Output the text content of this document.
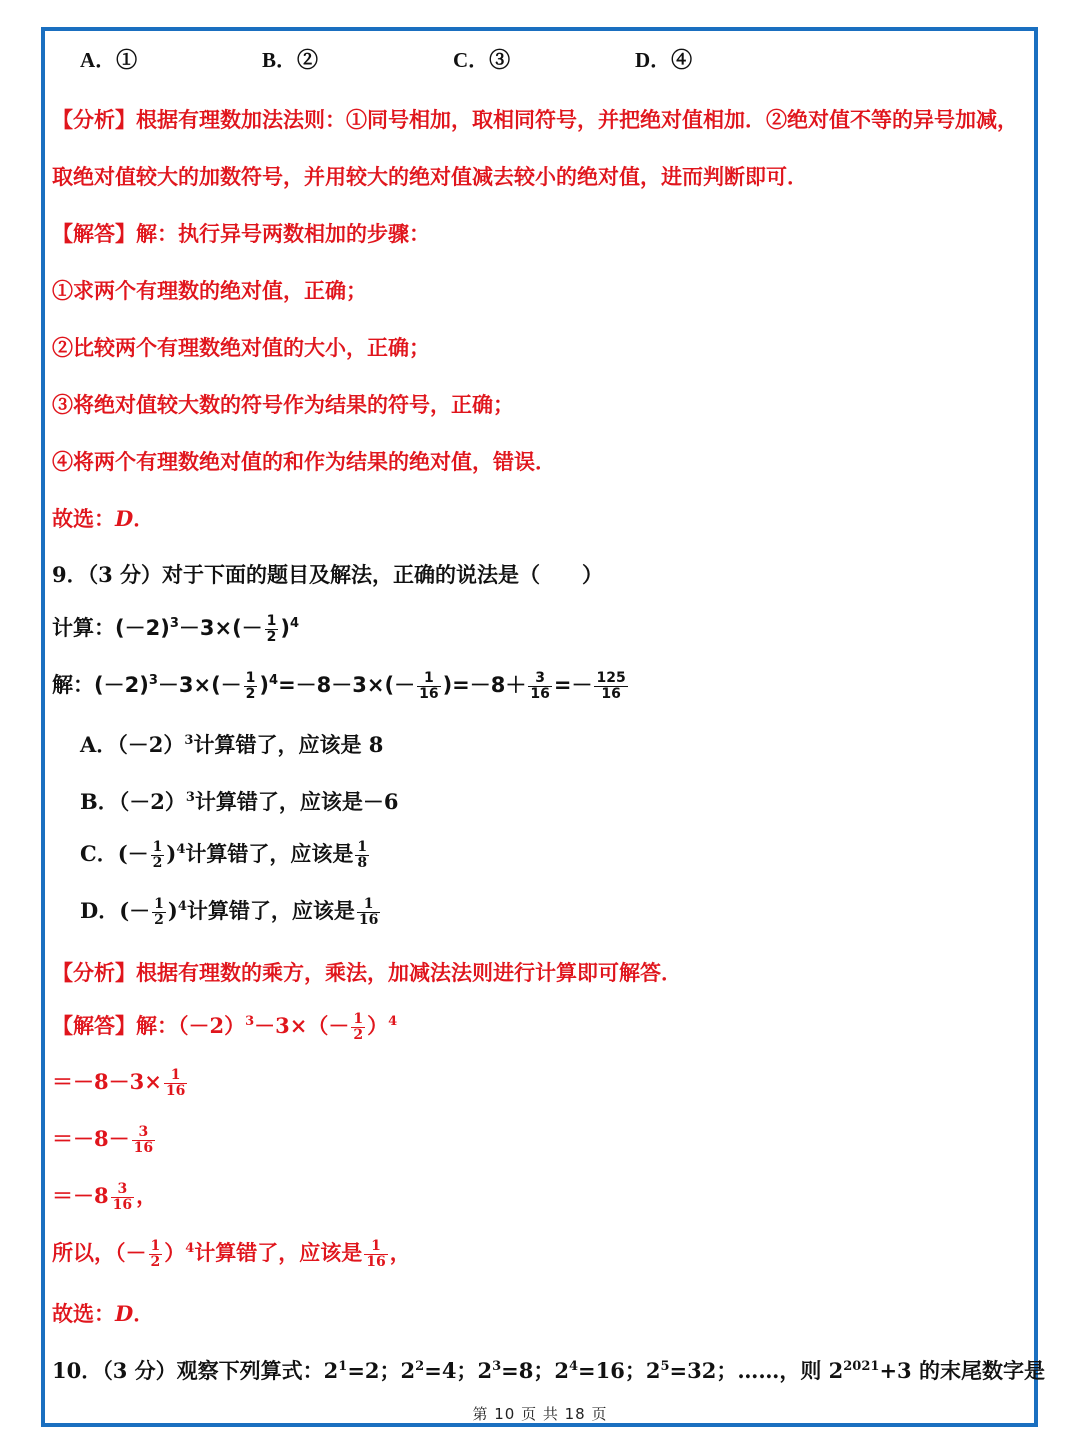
A．①	B．②	C．③	D．④
【分析】根据有理数加法法则：①同号相加，取相同符号，并把绝对值相加．②绝对值不等的异号加减，
取绝对值较大的加数符号，并用较大的绝对值减去较小的绝对值，进而判断即可．
【解答】解：执行异号两数相加的步骤：
①求两个有理数的绝对值，正确；
②比较两个有理数绝对值的大小，正确；
③将绝对值较大数的符号作为结果的符号，正确；
④将两个有理数绝对值的和作为结果的绝对值，错误．
故选：D．
9．（3 分）对于下面的题目及解法，正确的说法是（　　）
计算：$(-2)^3-3\times(- \frac{1}{2} )^4$
解：$(-2)^3-3\times(- \frac{1}{2} )^4=-8-3\times(- \frac{1}{16} )=-8+ \frac{3}{16} =- \frac{125}{16}$
A．$(-2)^3$计算错了，应该是 8
B．$(-2)^3$计算错了，应该是－6
C．(－ $\frac{1}{2} )^4$计算错了，应该是 $\frac{1}{8}$
D．(－ $\frac{1}{2} )^4$计算错了，应该是 $\frac{1}{16}$
【分析】根据有理数的乘方，乘法，加减法法则进行计算即可解答．
【解答】解：$(-2)^3-3\times(- \frac{1}{2} )^4$
$=-8-3\times \frac{1}{16}$
$=-8- \frac{3}{16}$
$=-8 \frac{3}{16}$ ，
所以，（－ $\frac{1}{2} )^4$计算错了，应该是 $\frac{1}{16}$ ，
故选：D．
10．（3 分）观察下列算式：$2^1=2$；$2^2=4$；$2^3=8$；$2^4=16$；$2^5=32$；……，则 $2^{2021}+3$ 的末尾数字是
第 10 页 共 18 页
